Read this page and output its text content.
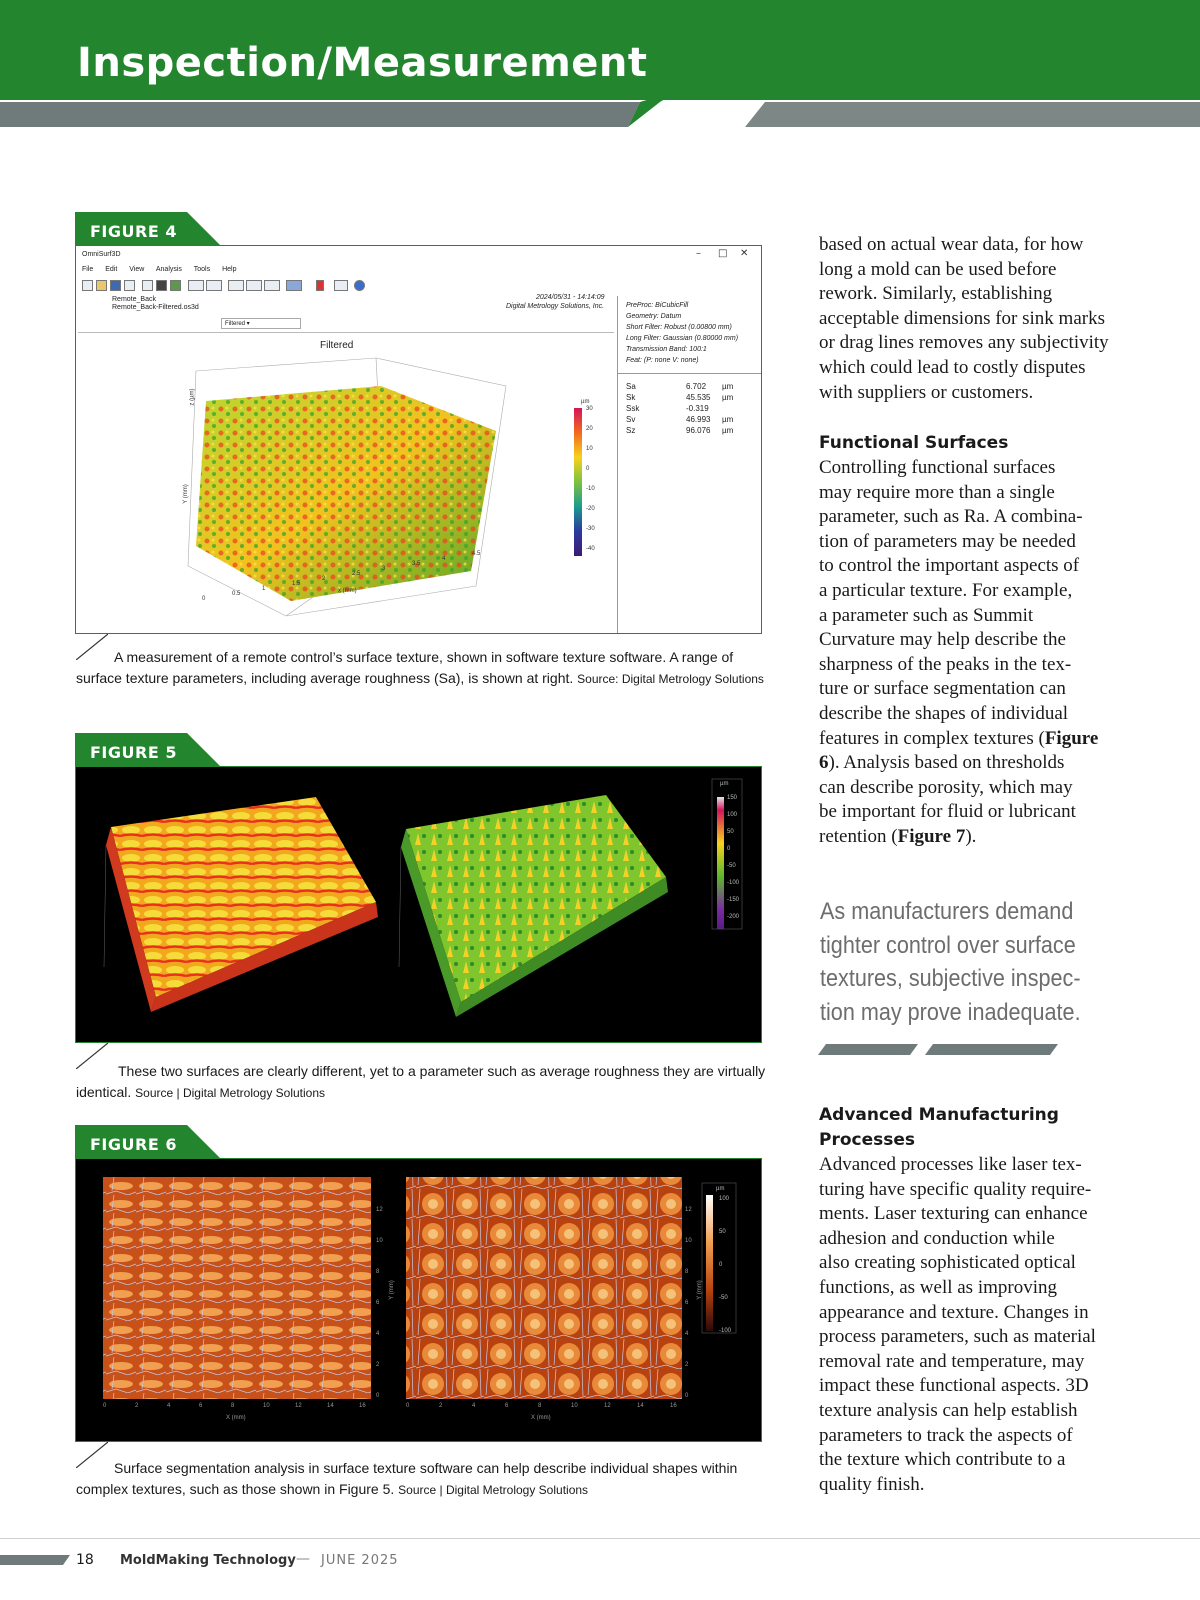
Inspection/Measurement
FIGURE 4
OmniSurf3D	– □ ✕
File Edit View Analysis Tools Help
Remote_Back
Remote_Back-Filtered.os3d
2024/05/31 - 14:14:09
Digital Metrology Solutions, Inc.
Filtered ▾
Filtered
z (µm)
Y (mm)
x (mm)
0
0.5
1
1.5
2
2.5
3
3.5
4
4.5
µm
30
20
10
0
-10
-20
-30
-40
PreProc: BiCubicFill
Geometry: Datum
Short Filter: Robust (0.00800 mm)
Long Filter: Gaussian (0.80000 mm)
Transmission Band: 100:1
Feat: (P: none V: none)
Sa	6.702 µm
Sk	45.535 µm
Ssk	-0.319
Sv	46.993 µm
Sz	96.076 µm
A measurement of a remote control’s surface texture, shown in software texture software. A range of surface texture parameters, including average roughness (Sa), is shown at right. Source: Digital Metrology Solutions
FIGURE 5
µm
150
100
50
0
-50
-100
-150
-200
These two surfaces are clearly different, yet to a parameter such as average roughness they are virtually identical. Source | Digital Metrology Solutions
FIGURE 6
0	0
2	2
4	4
6	6
8	8
10	10
12	12
14	14
16	16
12	12
10	10
8	8
6	6
4	4
2	2
0	0
X (mm)	X (mm)
Y (mm)	Y (mm)
µm
100
50
0
-50
-100
Surface segmentation analysis in surface texture software can help describe individual shapes within complex textures, such as those shown in Figure 5. Source | Digital Metrology Solutions
based on actual wear data, for how
long a mold can be used before
rework. Similarly, establishing
acceptable dimensions for sink marks
or drag lines removes any subjectivity
which could lead to costly disputes
with suppliers or customers.
Functional Surfaces
Controlling functional surfaces
may require more than a single
parameter, such as Ra. A combina-
tion of parameters may be needed
to control the important aspects of
a particular texture. For example,
a parameter such as Summit
Curvature may help describe the
sharpness of the peaks in the tex-
ture or surface segmentation can
describe the shapes of individual
features in complex textures (Figure
6). Analysis based on thresholds
can describe porosity, which may
be important for fluid or lubricant
retention (Figure 7).
As manufacturers demand
tighter control over surface
textures, subjective inspec-
tion may prove inadequate.
Advanced Manufacturing
Processes
Advanced processes like laser tex-
turing have specific quality require-
ments. Laser texturing can enhance
adhesion and conduction while
also creating sophisticated optical
functions, as well as improving
appearance and texture. Changes in
process parameters, such as material
removal rate and temperature, may
impact these functional aspects. 3D
texture analysis can help establish
parameters to track the aspects of
the texture which contribute to a
quality finish.
18 MoldMaking Technology — JUNE 2025
